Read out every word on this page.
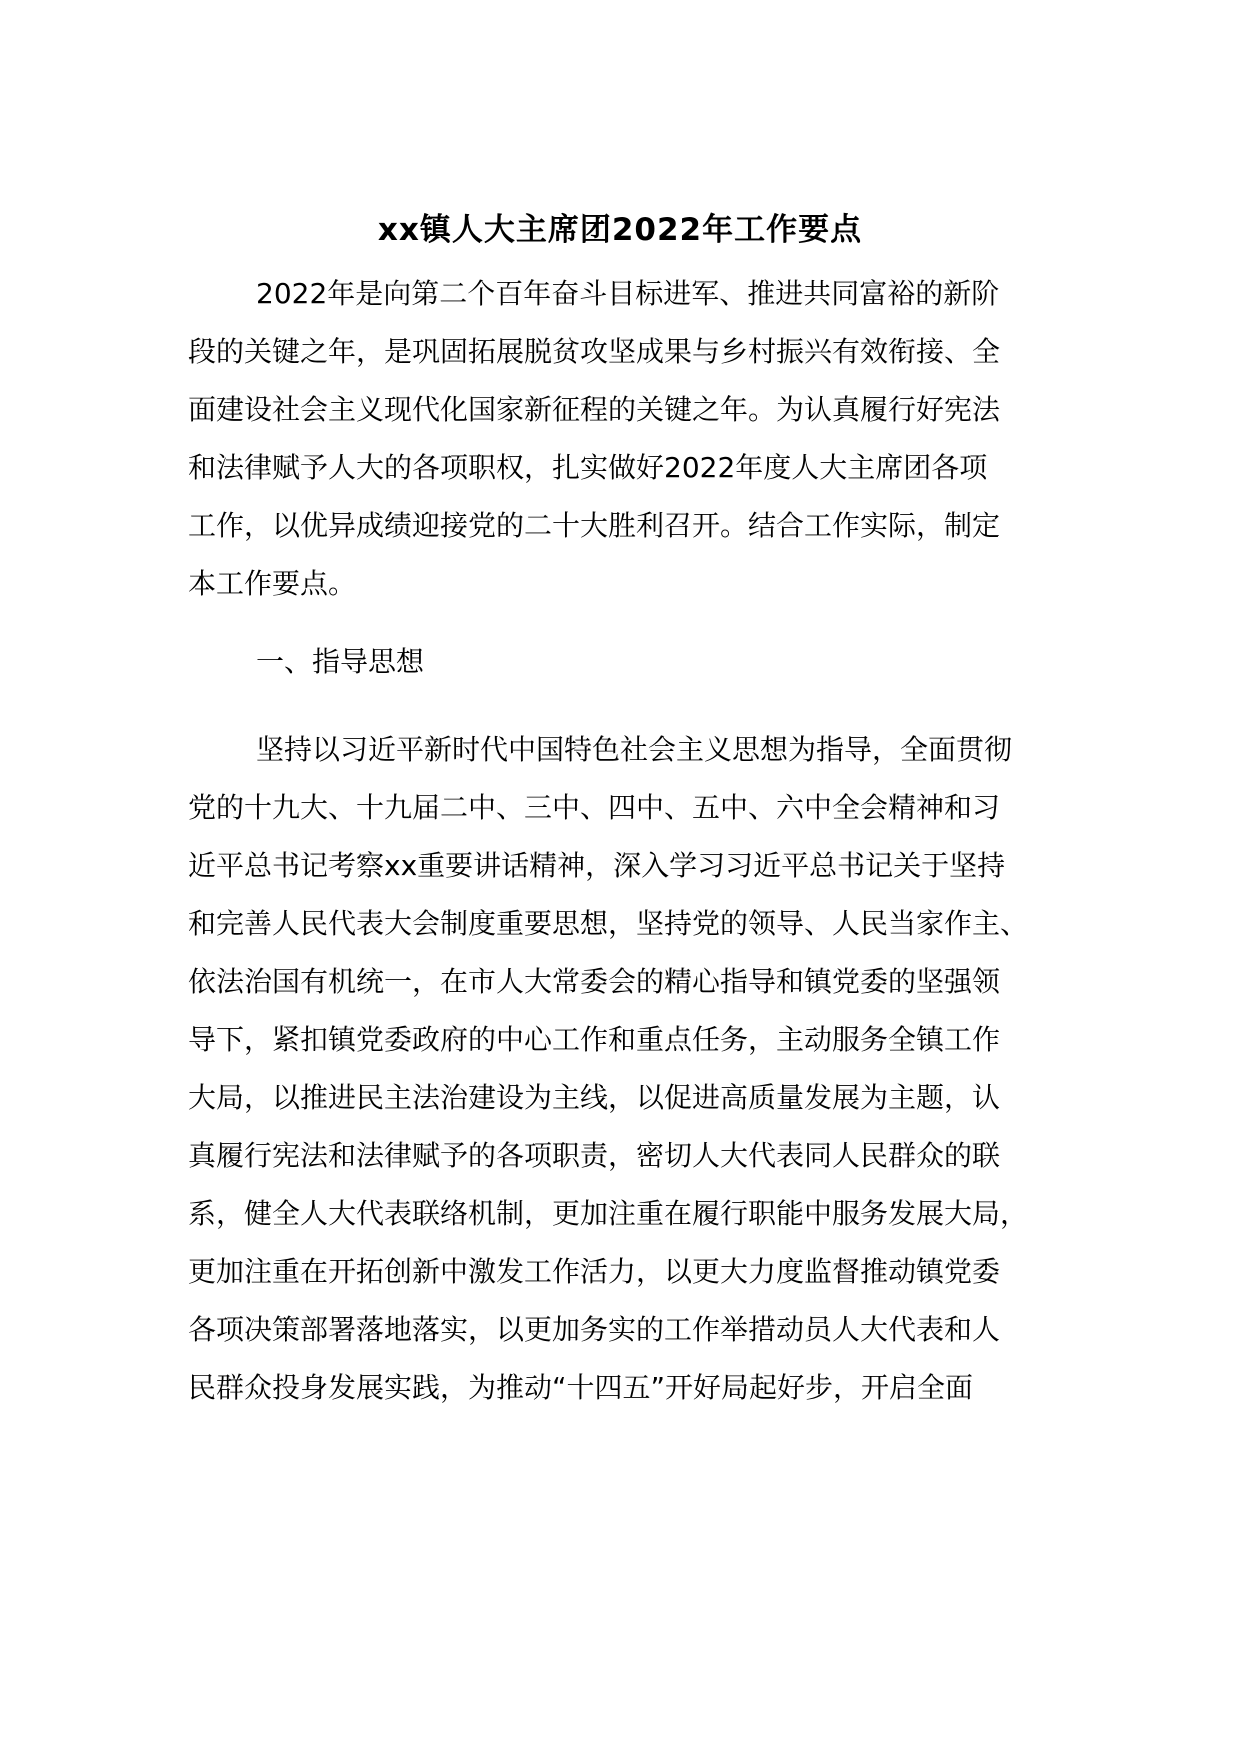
xx镇人大主席团2022年工作要点
2022年是向第二个百年奋斗目标进军、推进共同富裕的新阶
段的关键之年，是巩固拓展脱贫攻坚成果与乡村振兴有效衔接、全
面建设社会主义现代化国家新征程的关键之年。为认真履行好宪法
和法律赋予人大的各项职权，扎实做好2022年度人大主席团各项
工作，以优异成绩迎接党的二十大胜利召开。结合工作实际，制定
本工作要点。
一、指导思想
坚持以习近平新时代中国特色社会主义思想为指导，全面贯彻
党的十九大、十九届二中、三中、四中、五中、六中全会精神和习
近平总书记考察xx重要讲话精神，深入学习习近平总书记关于坚持
和完善人民代表大会制度重要思想，坚持党的领导、人民当家作主、
依法治国有机统一，在市人大常委会的精心指导和镇党委的坚强领
导下，紧扣镇党委政府的中心工作和重点任务，主动服务全镇工作
大局，以推进民主法治建设为主线，以促进高质量发展为主题，认
真履行宪法和法律赋予的各项职责，密切人大代表同人民群众的联
系，健全人大代表联络机制，更加注重在履行职能中服务发展大局，
更加注重在开拓创新中激发工作活力，以更大力度监督推动镇党委
各项决策部署落地落实，以更加务实的工作举措动员人大代表和人
民群众投身发展实践，为推动“十四五”开好局起好步，开启全面
